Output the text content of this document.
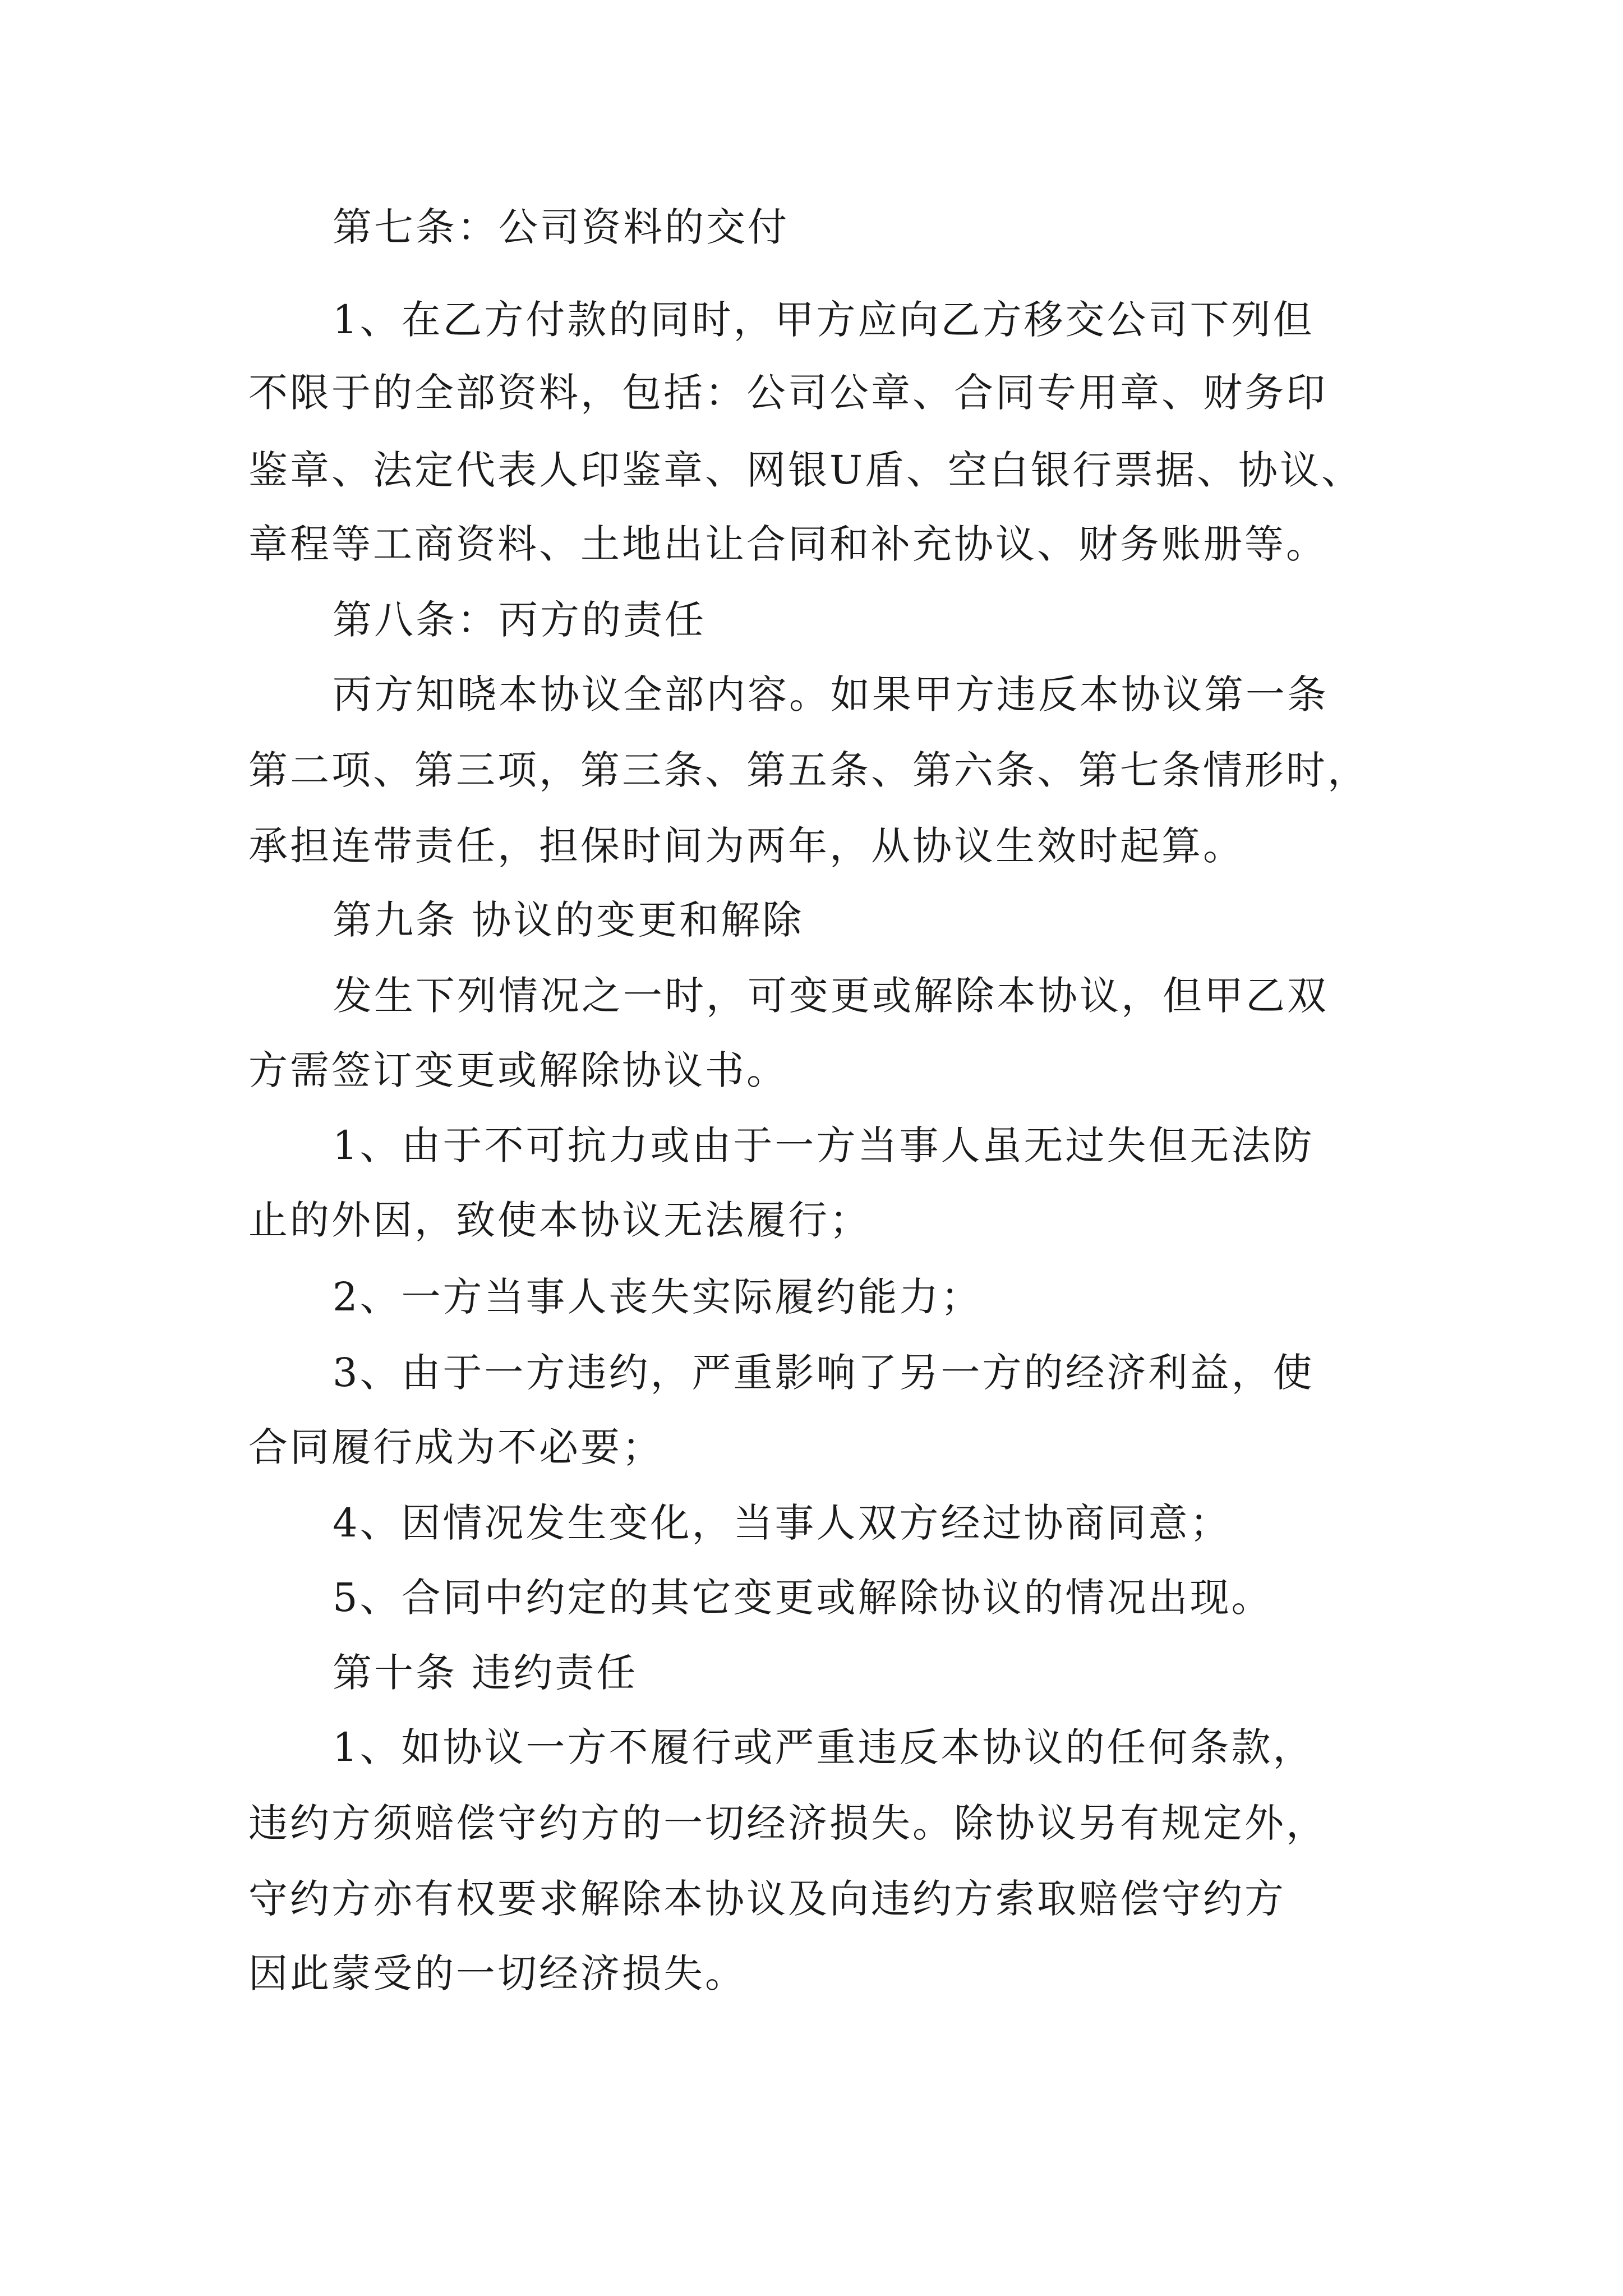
第七条：公司资料的交付
1、在乙方付款的同时，甲方应向乙方移交公司下列但
不限于的全部资料，包括：公司公章、合同专用章、财务印
鉴章、法定代表人印鉴章、网银U盾、空白银行票据、协议、
章程等工商资料、土地出让合同和补充协议、财务账册等。
第八条：丙方的责任
丙方知晓本协议全部内容。如果甲方违反本协议第一条
第二项、第三项，第三条、第五条、第六条、第七条情形时，
承担连带责任，担保时间为两年，从协议生效时起算。
第九条 协议的变更和解除
发生下列情况之一时，可变更或解除本协议，但甲乙双
方需签订变更或解除协议书。
1、由于不可抗力或由于一方当事人虽无过失但无法防
止的外因，致使本协议无法履行；
2、一方当事人丧失实际履约能力；
3、由于一方违约，严重影响了另一方的经济利益，使
合同履行成为不必要；
4、因情况发生变化，当事人双方经过协商同意；
5、合同中约定的其它变更或解除协议的情况出现。
第十条 违约责任
1、如协议一方不履行或严重违反本协议的任何条款，
违约方须赔偿守约方的一切经济损失。除协议另有规定外，
守约方亦有权要求解除本协议及向违约方索取赔偿守约方
因此蒙受的一切经济损失。
